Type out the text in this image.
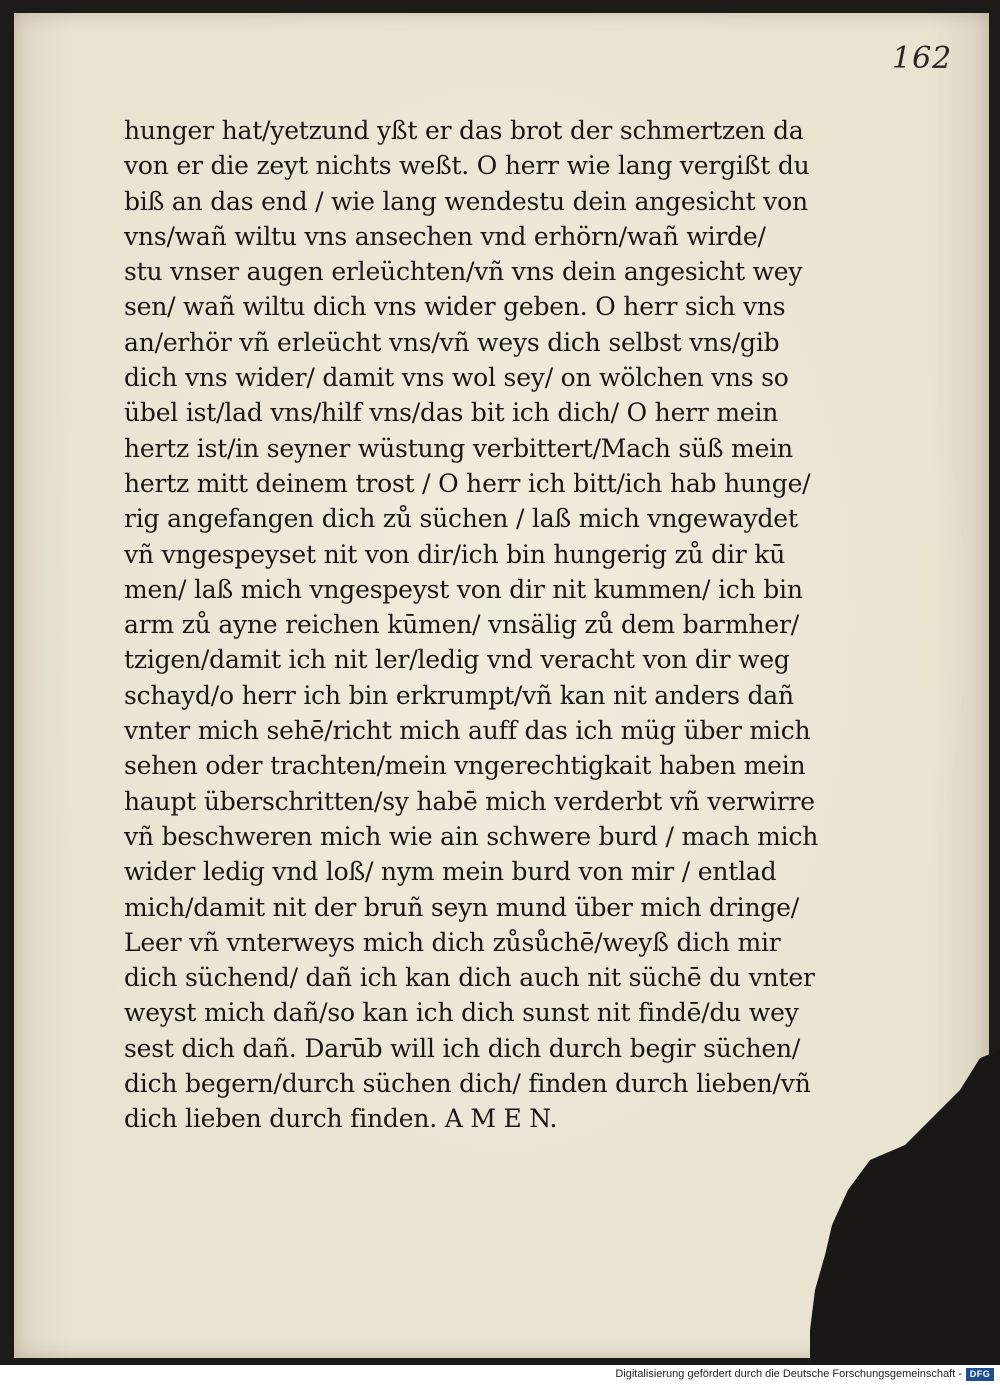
162
hunger hat/yetzund yßt er das brot der schmertzen da
von er die zeyt nichts weßt. O herr wie lang vergißt du
biß an das end / wie lang wendestu dein angesicht von
vns/wañ wiltu vns ansechen vnd erhörn/wañ wirde/
stu vnser augen erleüchten/vñ vns dein angesicht wey
sen/ wañ wiltu dich vns wider geben. O herr sich vns
an/erhör vñ erleücht vns/vñ weys dich selbst vns/gib
dich vns wider/ damit vns wol sey/ on wölchen vns so
übel ist/lad vns/hilf vns/das bit ich dich/ O herr mein
hertz ist/in seyner wüstung verbittert/Mach süß mein
hertz mitt deinem trost / O herr ich bitt/ich hab hunge/
rig angefangen dich zů süchen / laß mich vngewaydet
vñ vngespeyset nit von dir/ich bin hungerig zů dir kū
men/ laß mich vngespeyst von dir nit kummen/ ich bin
arm zů ayne reichen kūmen/ vnsälig zů dem barmher/
tzigen/damit ich nit ler/ledig vnd veracht von dir weg
schayd/o herr ich bin erkrumpt/vñ kan nit anders dañ
vnter mich sehē/richt mich auff das ich müg über mich
sehen oder trachten/mein vngerechtigkait haben mein
haupt überschritten/sy habē mich verderbt vñ verwirre
vñ beschweren mich wie ain schwere burd / mach mich
wider ledig vnd loß/ nym mein burd von mir / entlad
mich/damit nit der bruñ seyn mund über mich dringe/
Leer vñ vnterweys mich dich zůsůchē/weyß dich mir
dich süchend/ dañ ich kan dich auch nit süchē du vnter
weyst mich dañ/so kan ich dich sunst nit findē/du wey
sest dich dañ. Darūb will ich dich durch begir süchen/
dich begern/durch süchen dich/ finden durch lieben/vñ
dich lieben durch finden. A M E N.
Digitalisierung gefördert durch die Deutsche Forschungsgemeinschaft - DFG
